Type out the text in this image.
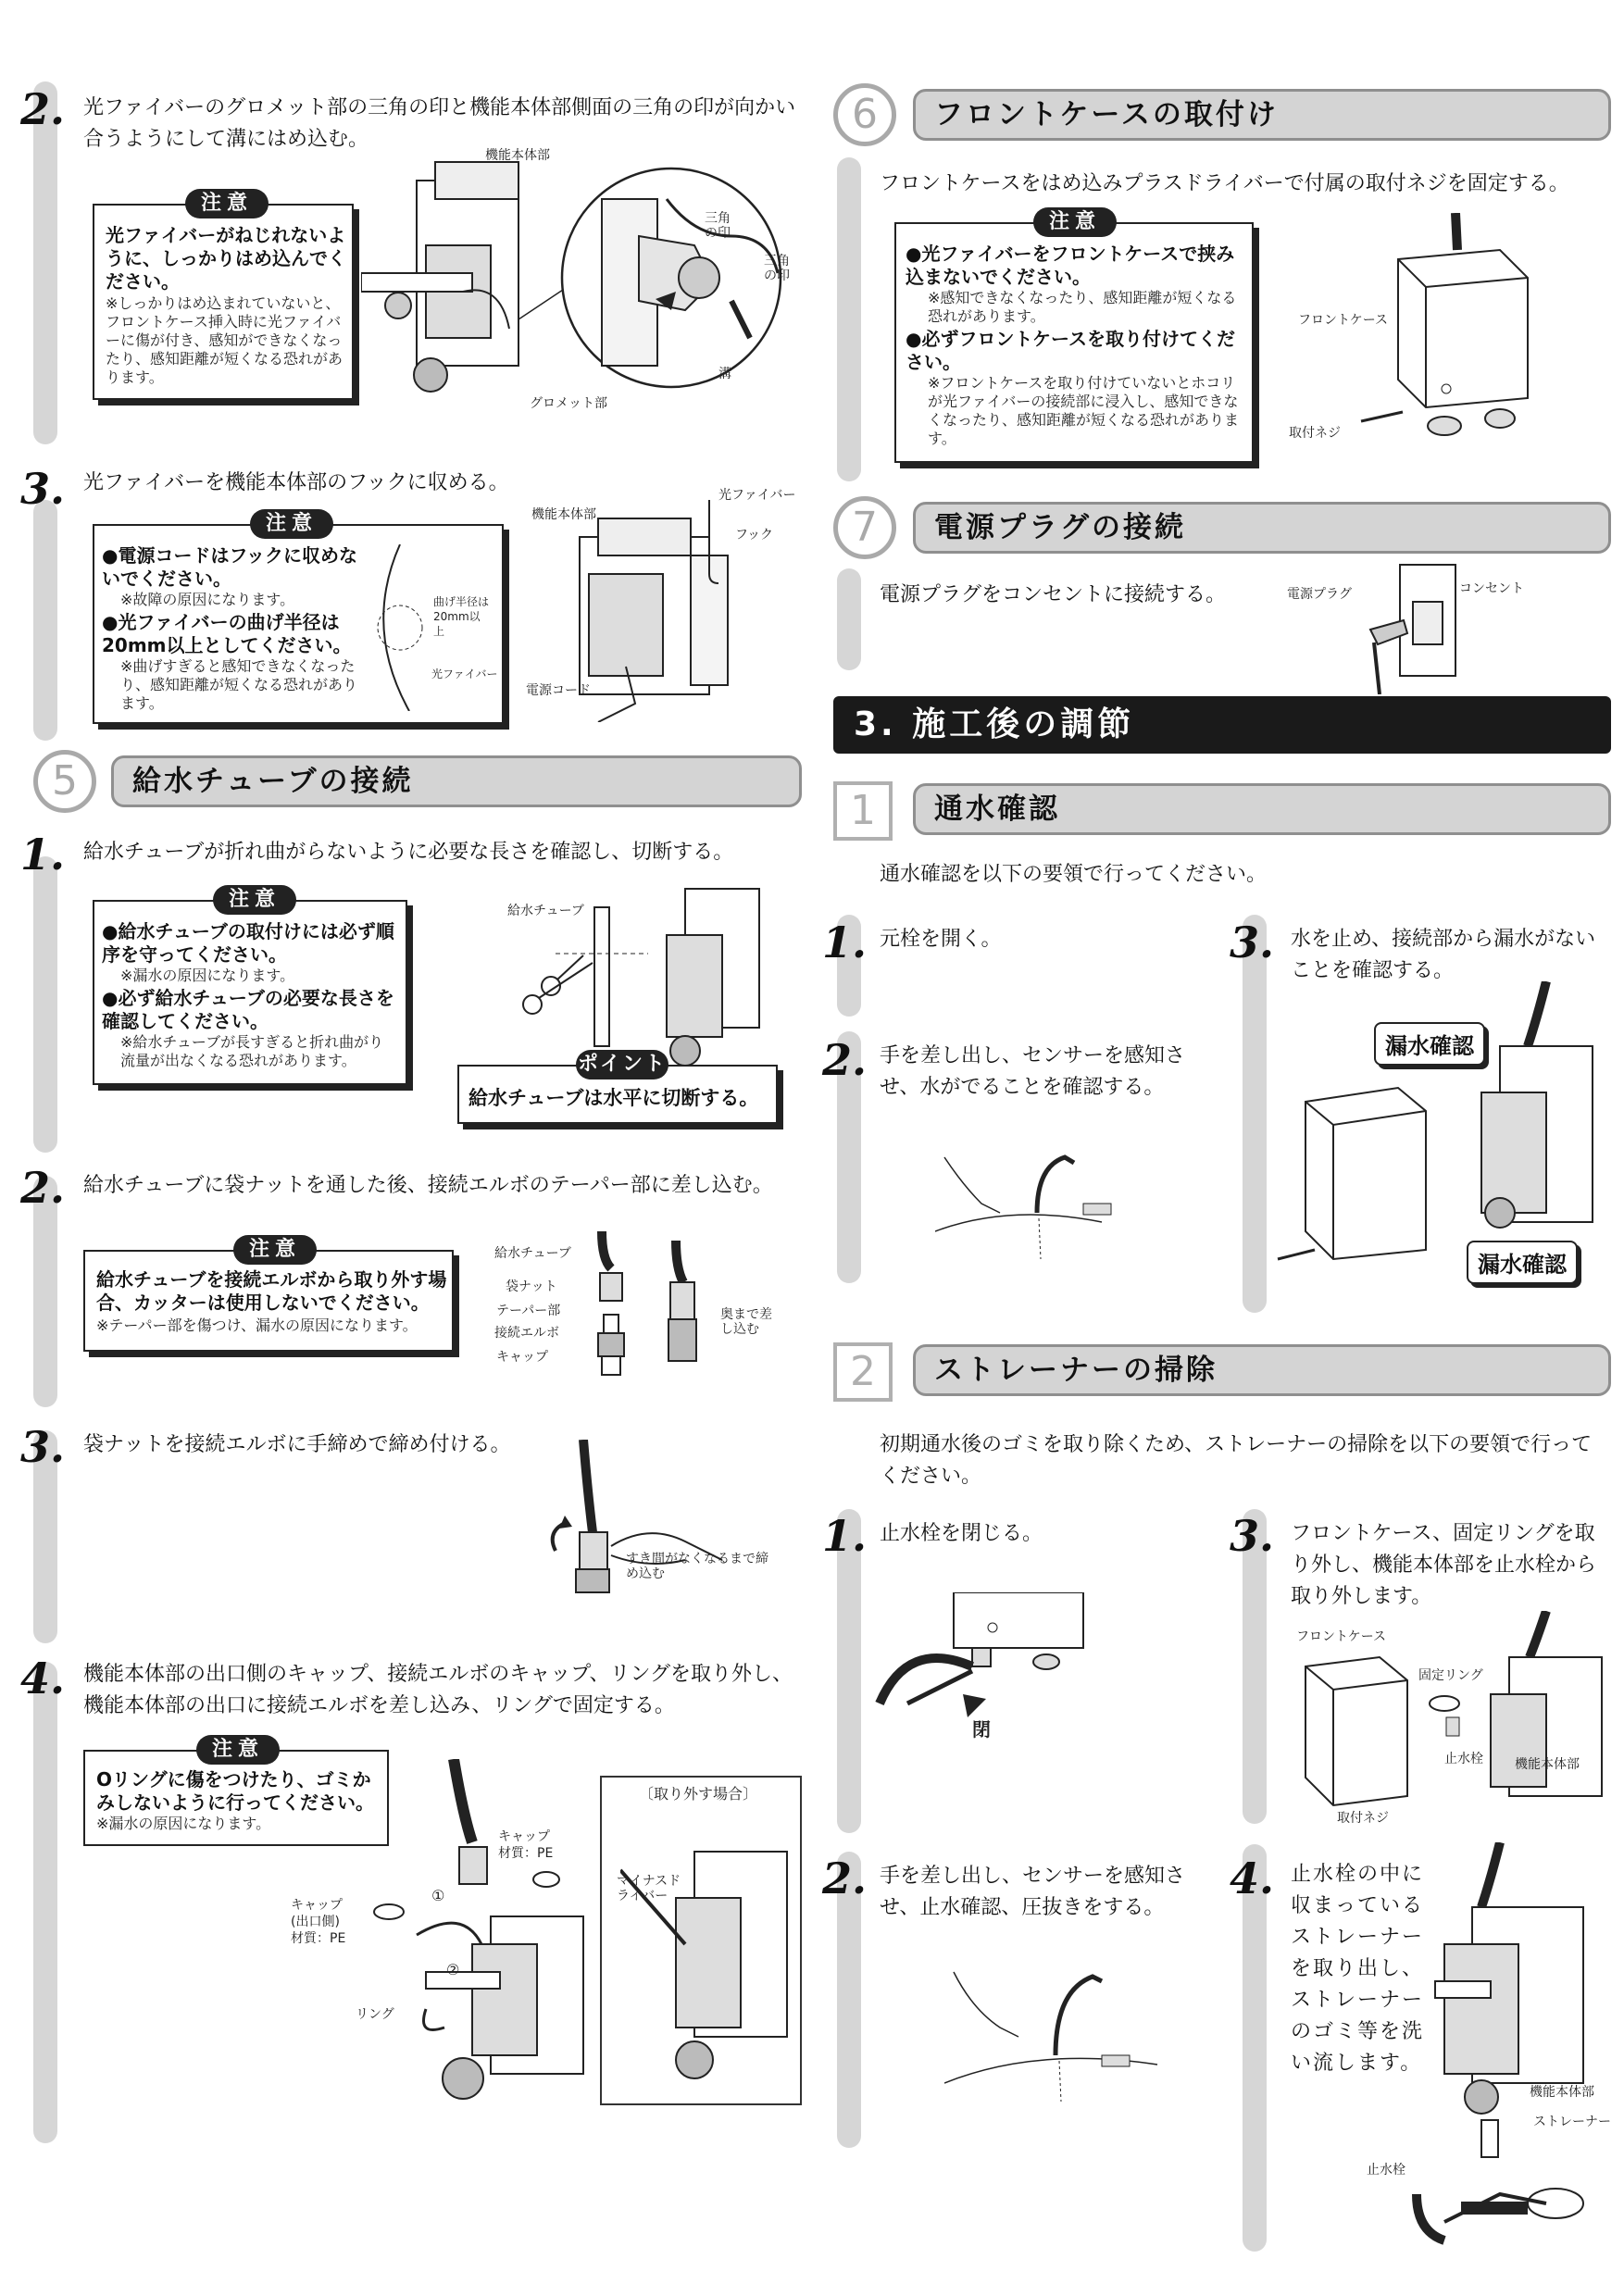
2. 光ファイバーのグロメット部の三角の印と機能本体部側面の三角の印が向かい合うようにして溝にはめ込む。
注意
光ファイバーがねじれないように、しっかりはめ込んでください。
※しっかりはめ込まれていないと、フロントケース挿入時に光ファイバーに傷が付き、感知ができなくなったり、感知距離が短くなる恐れがあります。
機能本体部
三角の印
三角の印
溝
グロメット部
3. 光ファイバーを機能本体部のフックに収める。
注意
●電源コードはフックに収めないでください。
※故障の原因になります。
●光ファイバーの曲げ半径は20mm以上としてください。
※曲げすぎると感知できなくなったり、感知距離が短くなる恐れがあります。
曲げ半径は20mm以上
光ファイバー
光ファイバー
機能本体部
フック
電源コード
給水チューブの接続
5
1. 給水チューブが折れ曲がらないように必要な長さを確認し、切断する。
注意
●給水チューブの取付けには必ず順序を守ってください。
※漏水の原因になります。
●必ず給水チューブの必要な長さを確認してください。
※給水チューブが長すぎると折れ曲がり流量が出なくなる恐れがあります。
給水チューブ
ポイント
給水チューブは水平に切断する。
2. 給水チューブに袋ナットを通した後、接続エルボのテーパー部に差し込む。
注意
給水チューブを接続エルボから取り外す場合、カッターは使用しないでください。
※テーパー部を傷つけ、漏水の原因になります。
給水チューブ
袋ナット
テーパー部
接続エルボ
キャップ
奥まで差し込む
3. 袋ナットを接続エルボに手締めで締め付ける。
すき間がなくなるまで締め込む
4. 機能本体部の出口側のキャップ、接続エルボのキャップ、リングを取り外し、機能本体部の出口に接続エルボを差し込み、リングで固定する。
注意
Oリングに傷をつけたり、ゴミかみしないように行ってください。
※漏水の原因になります。
キャップ
材質：PE
キャップ
(出口側)
材質：PE
①
②
リング
〔取り外す場合〕
マイナスドライバー
フロントケースの取付け
6
フロントケースをはめ込みプラスドライバーで付属の取付ネジを固定する。
注意
●光ファイバーをフロントケースで挟み込まないでください。
※感知できなくなったり、感知距離が短くなる恐れがあります。
●必ずフロントケースを取り付けてください。
※フロントケースを取り付けていないとホコリが光ファイバーの接続部に浸入し、感知できなくなったり、感知距離が短くなる恐れがあります。
フロントケース
取付ネジ
電源プラグの接続
7
電源プラグをコンセントに接続する。	電源プラグ	コンセント
3. 施工後の調節
1	通水確認
通水確認を以下の要領で行ってください。
1. 元栓を開く。
2. 手を差し出し、センサーを感知させ、水がでることを確認する。
3. 水を止め、接続部から漏水がないことを確認する。
漏水確認
漏水確認
2	ストレーナーの掃除
初期通水後のゴミを取り除くため、ストレーナーの掃除を以下の要領で行ってください。
1. 止水栓を閉じる。
閉
2. 手を差し出し、センサーを感知させ、止水確認、圧抜きをする。
3. フロントケース、固定リングを取り外し、機能本体部を止水栓から取り外します。
フロントケース
固定リング
止水栓 機能本体部
取付ネジ
4. 止水栓の中に収まっているストレーナーを取り出し、ストレーナーのゴミ等を洗い流します。
機能本体部
ストレーナー
止水栓
